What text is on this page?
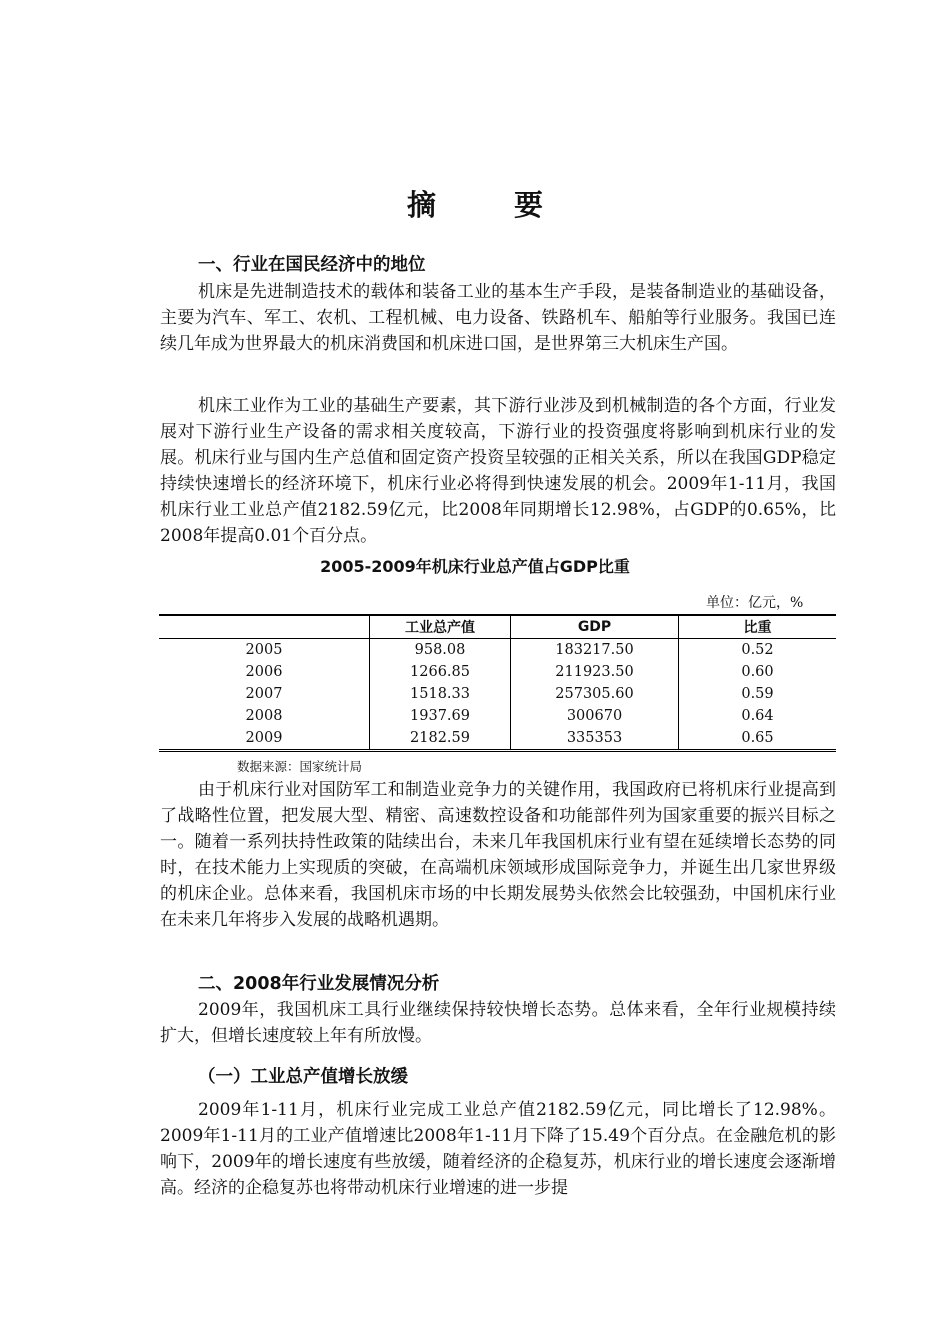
摘 要
一、行业在国民经济中的地位

机床是先进制造技术的载体和装备工业的基本生产手段，是装备制造业的基础设备，主要为汽车、军工、农机、工程机械、电力设备、铁路机车、船舶等行业服务。我国已连续几年成为世界最大的机床消费国和机床进口国，是世界第三大机床生产国。

机床工业作为工业的基础生产要素，其下游行业涉及到机械制造的各个方面，行业发展对下游行业生产设备的需求相关度较高，下游行业的投资强度将影响到机床行业的发展。机床行业与国内生产总值和固定资产投资呈较强的正相关关系，所以在我国GDP稳定持续快速增长的经济环境下，机床行业必将得到快速发展的机会。2009年1-11月，我国机床行业工业总产值2182.59亿元，比2008年同期增长12.98%，占GDP的0.65%，比2008年提高0.01个百分点。

2005-2009年机床行业总产值占GDP比重
单位：亿元，%
	工业总产值	GDP	比重
2005	958.08	183217.50	0.52
2006	1266.85	211923.50	0.60
2007	1518.33	257305.60	0.59
2008	1937.69	300670	0.64
2009	2182.59	335353	0.65
数据来源：国家统计局

由于机床行业对国防军工和制造业竞争力的关键作用，我国政府已将机床行业提高到了战略性位置，把发展大型、精密、高速数控设备和功能部件列为国家重要的振兴目标之一。随着一系列扶持性政策的陆续出台，未来几年我国机床行业有望在延续增长态势的同时，在技术能力上实现质的突破，在高端机床领域形成国际竞争力，并诞生出几家世界级的机床企业。总体来看，我国机床市场的中长期发展势头依然会比较强劲，中国机床行业在未来几年将步入发展的战略机遇期。

二、2008年行业发展情况分析

2009年，我国机床工具行业继续保持较快增长态势。总体来看，全年行业规模持续扩大，但增长速度较上年有所放慢。

（一）工业总产值增长放缓

2009年1-11月，机床行业完成工业总产值2182.59亿元，同比增长了12.98%。2009年1-11月的工业产值增速比2008年1-11月下降了15.49个百分点。在金融危机的影响下，2009年的增长速度有些放缓，随着经济的企稳复苏，机床行业的增长速度会逐渐增高。经济的企稳复苏也将带动机床行业增速的进一步提
